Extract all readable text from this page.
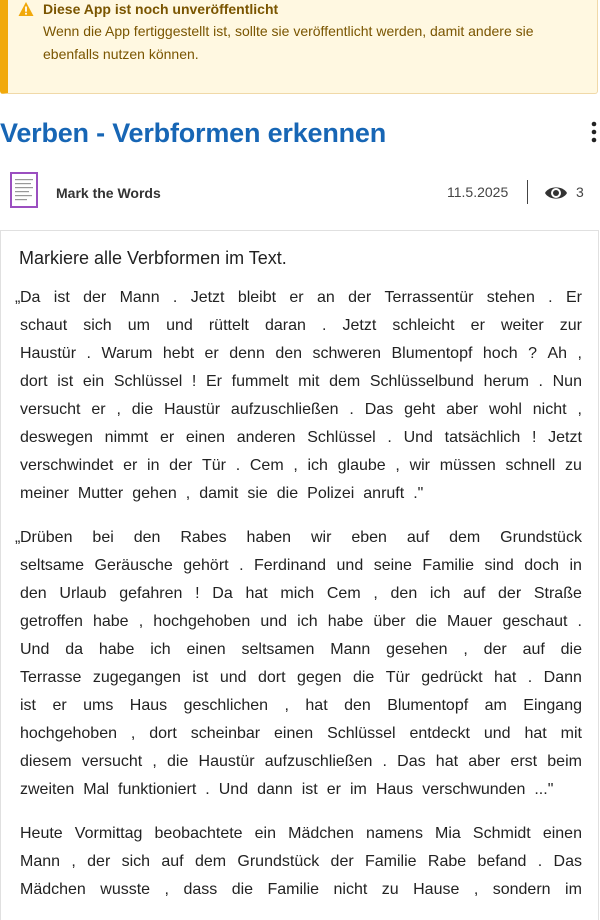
Diese App ist noch unveröffentlicht
Wenn die App fertiggestellt ist, sollte sie veröffentlicht werden, damit andere sie ebenfalls nutzen können.
Verben - Verbformen erkennen
Mark the Words	11.5.2025	3
Markiere alle Verbformen im Text.
„ Da ist der Mann . Jetzt bleibt er an der Terrassentür stehen . Er
schaut sich um und rüttelt daran . Jetzt schleicht er weiter zur
Haustür . Warum hebt er denn den schweren Blumentopf hoch ? Ah ,
dort ist ein Schlüssel ! Er fummelt mit dem Schlüsselbund herum . Nun
versucht er , die Haustür aufzuschließen . Das geht aber wohl nicht ,
deswegen nimmt er einen anderen Schlüssel . Und tatsächlich ! Jetzt
verschwindet er in der Tür . Cem , ich glaube , wir müssen schnell zu
meiner Mutter gehen , damit sie die Polizei anruft ."
„ Drüben bei den Rabes haben wir eben auf dem Grundstück
seltsame Geräusche gehört . Ferdinand und seine Familie sind doch in
den Urlaub gefahren ! Da hat mich Cem , den ich auf der Straße
getroffen habe , hochgehoben und ich habe über die Mauer geschaut .
Und da habe ich einen seltsamen Mann gesehen , der auf die
Terrasse zugegangen ist und dort gegen die Tür gedrückt hat . Dann
ist er ums Haus geschlichen , hat den Blumentopf am Eingang
hochgehoben , dort scheinbar einen Schlüssel entdeckt und hat mit
diesem versucht , die Haustür aufzuschließen . Das hat aber erst beim
zweiten Mal funktioniert . Und dann ist er im Haus verschwunden ..."
Heute Vormittag beobachtete ein Mädchen namens Mia Schmidt einen
Mann , der sich auf dem Grundstück der Familie Rabe befand . Das
Mädchen wusste , dass die Familie nicht zu Hause , sondern im
